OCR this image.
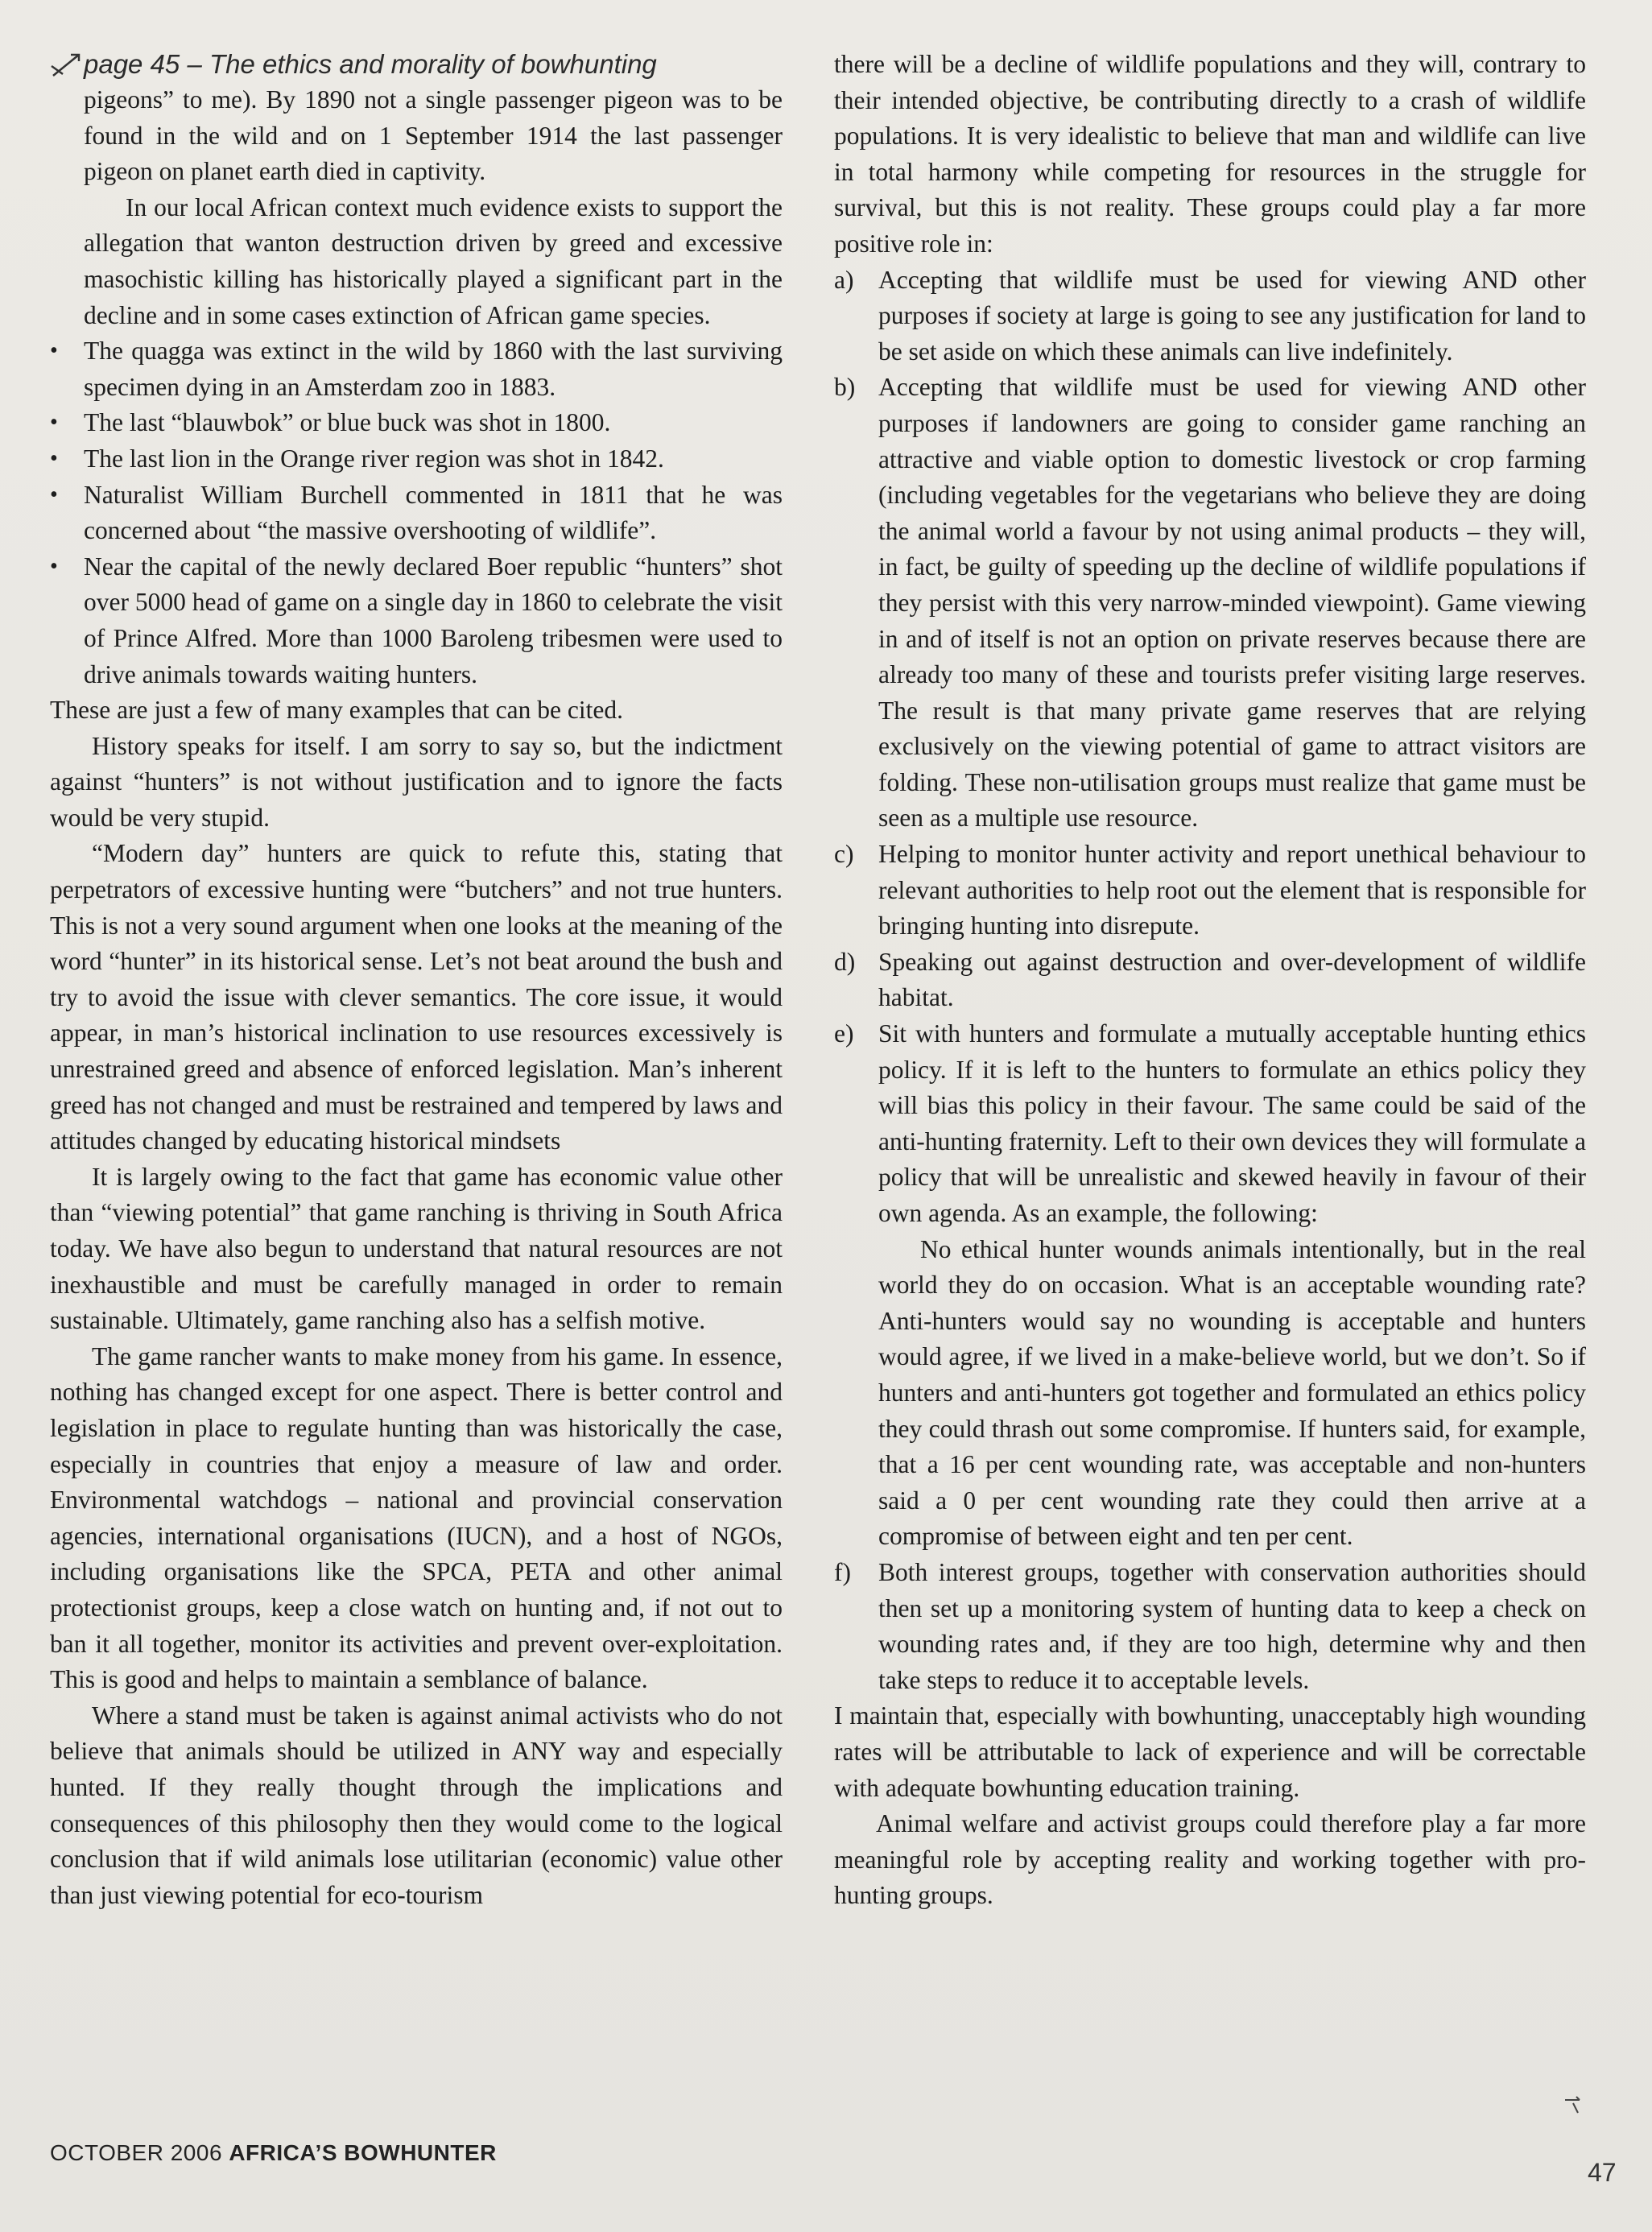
page 45 – The ethics and morality of bowhunting

pigeons” to me). By 1890 not a single passenger pigeon was to be found in the wild and on 1 September 1914 the last passenger pigeon on planet earth died in captivity.

In our local African context much evidence exists to support the allegation that wanton destruction driven by greed and excessive masochistic killing has historically played a significant part in the decline and in some cases extinction of African game species.

• The quagga was extinct in the wild by 1860 with the last surviving specimen dying in an Amsterdam zoo in 1883.
• The last “blauwbok” or blue buck was shot in 1800.
• The last lion in the Orange river region was shot in 1842.
• Naturalist William Burchell commented in 1811 that he was concerned about “the massive overshooting of wildlife”.
• Near the capital of the newly declared Boer republic “hunters” shot over 5000 head of game on a single day in 1860 to celebrate the visit of Prince Alfred. More than 1000 Baroleng tribesmen were used to drive animals towards waiting hunters.

These are just a few of many examples that can be cited.

History speaks for itself. I am sorry to say so, but the indictment against “hunters” is not without justification and to ignore the facts would be very stupid.

“Modern day” hunters are quick to refute this, stating that perpetrators of excessive hunting were “butchers” and not true hunters. This is not a very sound argument when one looks at the meaning of the word “hunter” in its historical sense. Let’s not beat around the bush and try to avoid the issue with clever semantics. The core issue, it would appear, in man’s historical inclination to use resources excessively is unrestrained greed and absence of enforced legislation. Man’s inherent greed has not changed and must be restrained and tempered by laws and attitudes changed by educating historical mindsets

It is largely owing to the fact that game has economic value other than “viewing potential” that game ranching is thriving in South Africa today. We have also begun to understand that natural resources are not inexhaustible and must be carefully managed in order to remain sustainable. Ultimately, game ranching also has a selfish motive.

The game rancher wants to make money from his game. In essence, nothing has changed except for one aspect. There is better control and legislation in place to regulate hunting than was historically the case, especially in countries that enjoy a measure of law and order. Environmental watchdogs – national and provincial conservation agencies, international organisations (IUCN), and a host of NGOs, including organisations like the SPCA, PETA and other animal protectionist groups, keep a close watch on hunting and, if not out to ban it all together, monitor its activities and prevent over-exploitation. This is good and helps to maintain a semblance of balance.

Where a stand must be taken is against animal activists who do not believe that animals should be utilized in ANY way and especially hunted. If they really thought through the implications and consequences of this philosophy then they would come to the logical conclusion that if wild animals lose utilitarian (economic) value other than just viewing potential for eco-tourism

there will be a decline of wildlife populations and they will, contrary to their intended objective, be contributing directly to a crash of wildlife populations. It is very idealistic to believe that man and wildlife can live in total harmony while competing for resources in the struggle for survival, but this is not reality. These groups could play a far more positive role in:

a) Accepting that wildlife must be used for viewing AND other purposes if society at large is going to see any justification for land to be set aside on which these animals can live indefinitely.
b) Accepting that wildlife must be used for viewing AND other purposes if landowners are going to consider game ranching an attractive and viable option to domestic livestock or crop farming (including vegetables for the vegetarians who believe they are doing the animal world a favour by not using animal products – they will, in fact, be guilty of speeding up the decline of wildlife populations if they persist with this very narrow-minded viewpoint). Game viewing in and of itself is not an option on private reserves because there are already too many of these and tourists prefer visiting large reserves. The result is that many private game reserves that are relying exclusively on the viewing potential of game to attract visitors are folding. These non-utilisation groups must realize that game must be seen as a multiple use resource.
c) Helping to monitor hunter activity and report unethical behaviour to relevant authorities to help root out the element that is responsible for bringing hunting into disrepute.
d) Speaking out against destruction and over-development of wildlife habitat.
e) Sit with hunters and formulate a mutually acceptable hunting ethics policy. If it is left to the hunters to formulate an ethics policy they will bias this policy in their favour. The same could be said of the anti-hunting fraternity. Left to their own devices they will formulate a policy that will be unrealistic and skewed heavily in favour of their own agenda. As an example, the following:
No ethical hunter wounds animals intentionally, but in the real world they do on occasion. What is an acceptable wounding rate? Anti-hunters would say no wounding is acceptable and hunters would agree, if we lived in a make-believe world, but we don’t. So if hunters and anti-hunters got together and formulated an ethics policy they could thrash out some compromise. If hunters said, for example, that a 16 per cent wounding rate, was acceptable and non-hunters said a 0 per cent wounding rate they could then arrive at a compromise of between eight and ten per cent.
f) Both interest groups, together with conservation authorities should then set up a monitoring system of hunting data to keep a check on wounding rates and, if they are too high, determine why and then take steps to reduce it to acceptable levels.

I maintain that, especially with bowhunting, unacceptably high wounding rates will be attributable to lack of experience and will be correctable with adequate bowhunting education training.

Animal welfare and activist groups could therefore play a far more meaningful role by accepting reality and working together with pro-hunting groups.

OCTOBER 2006 AFRICA’S BOWHUNTER
47
